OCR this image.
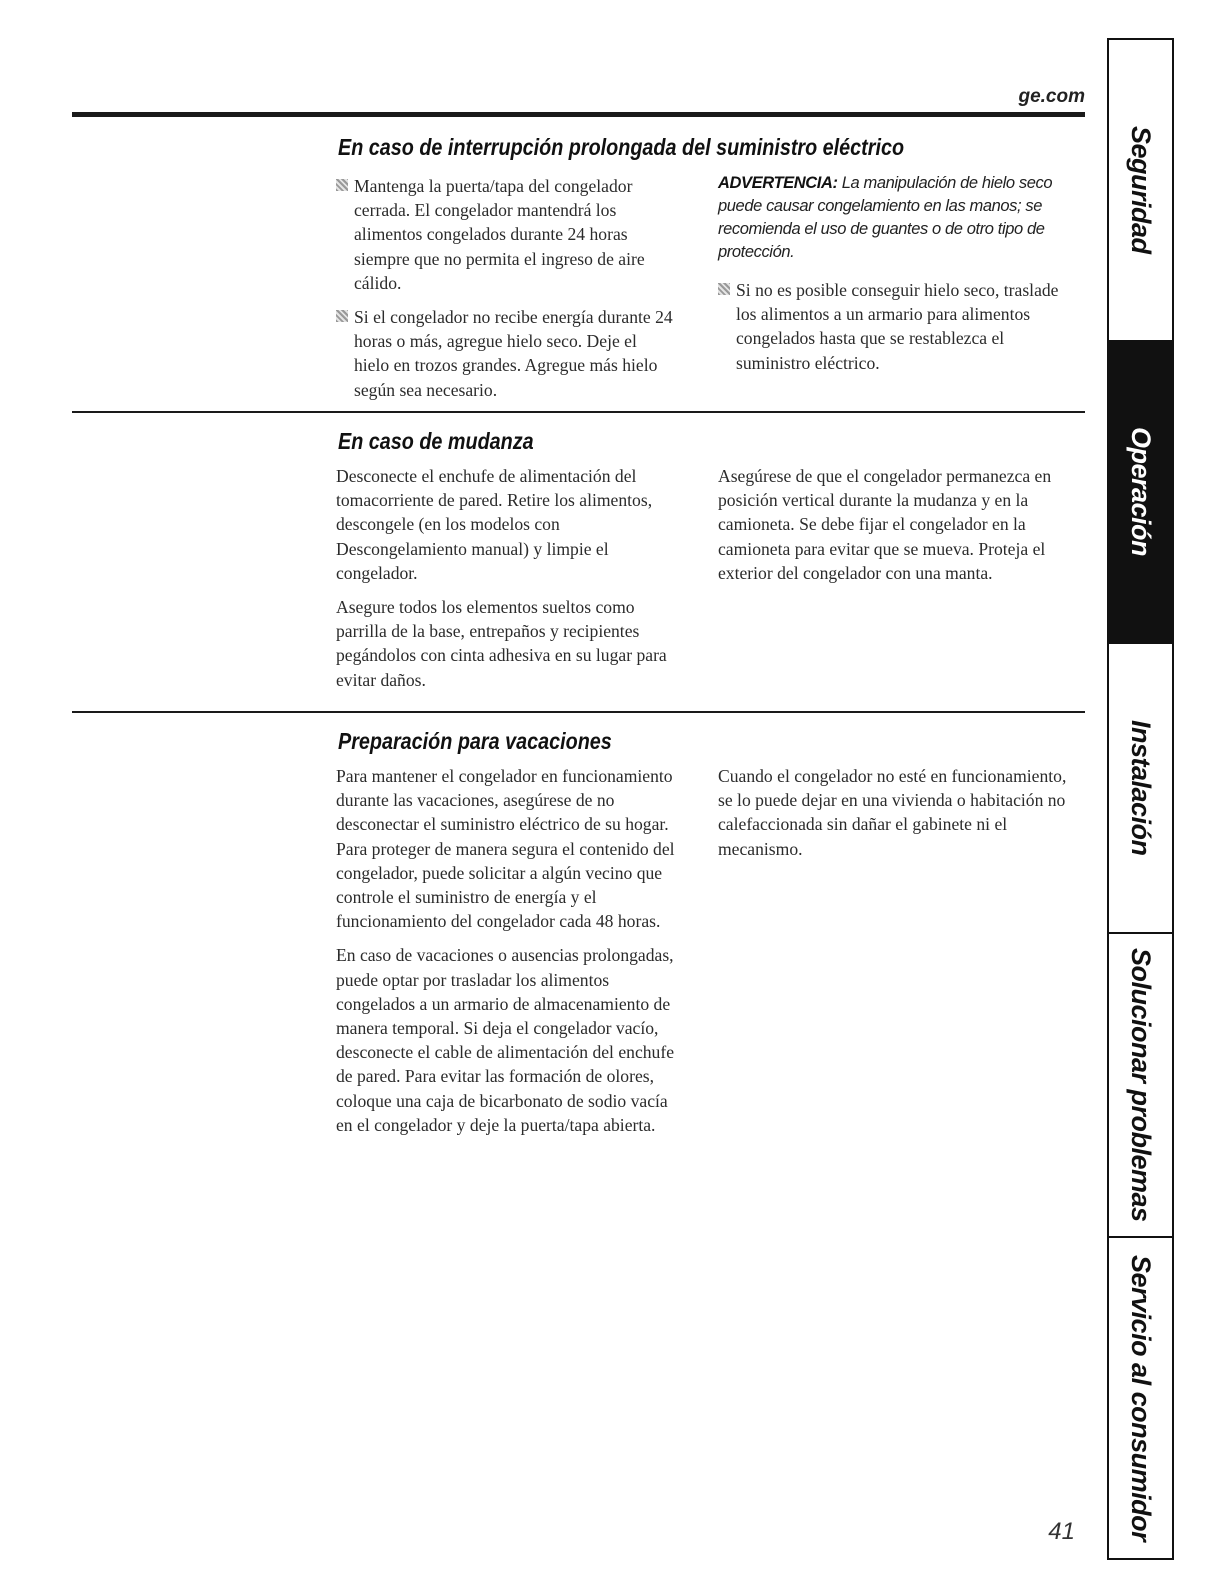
ge.com
En caso de interrupción prolongada del suministro eléctrico
Mantenga la puerta/tapa del congelador cerrada. El congelador mantendrá los alimentos congelados durante 24 horas siempre que no permita el ingreso de aire cálido.
Si el congelador no recibe energía durante 24 horas o más, agregue hielo seco. Deje el hielo en trozos grandes. Agregue más hielo según sea necesario.
ADVERTENCIA: La manipulación de hielo seco puede causar congelamiento en las manos; se recomienda el uso de guantes o de otro tipo de protección.
Si no es posible conseguir hielo seco, traslade los alimentos a un armario para alimentos congelados hasta que se restablezca el suministro eléctrico.
En caso de mudanza

Desconecte el enchufe de alimentación del tomacorriente de pared. Retire los alimentos, descongele (en los modelos con Descongelamiento manual) y limpie el congelador.

Asegure todos los elementos sueltos como parrilla de la base, entrepaños y recipientes pegándolos con cinta adhesiva en su lugar para evitar daños.

Asegúrese de que el congelador permanezca en posición vertical durante la mudanza y en la camioneta. Se debe fijar el congelador en la camioneta para evitar que se mueva. Proteja el exterior del congelador con una manta.

Preparación para vacaciones

Para mantener el congelador en funcionamiento durante las vacaciones, asegúrese de no desconectar el suministro eléctrico de su hogar. Para proteger de manera segura el contenido del congelador, puede solicitar a algún vecino que controle el suministro de energía y el funcionamiento del congelador cada 48 horas.

En caso de vacaciones o ausencias prolongadas, puede optar por trasladar los alimentos congelados a un armario de almacenamiento de manera temporal. Si deja el congelador vacío, desconecte el cable de alimentación del enchufe de pared. Para evitar las formación de olores, coloque una caja de bicarbonato de sodio vacía en el congelador y deje la puerta/tapa abierta.

Cuando el congelador no esté en funcionamiento, se lo puede dejar en una vivienda o habitación no calefaccionada sin dañar el gabinete ni el mecanismo.

Seguridad
Operación
Instalación
Solucionar problemas
Servicio al consumidor
41
